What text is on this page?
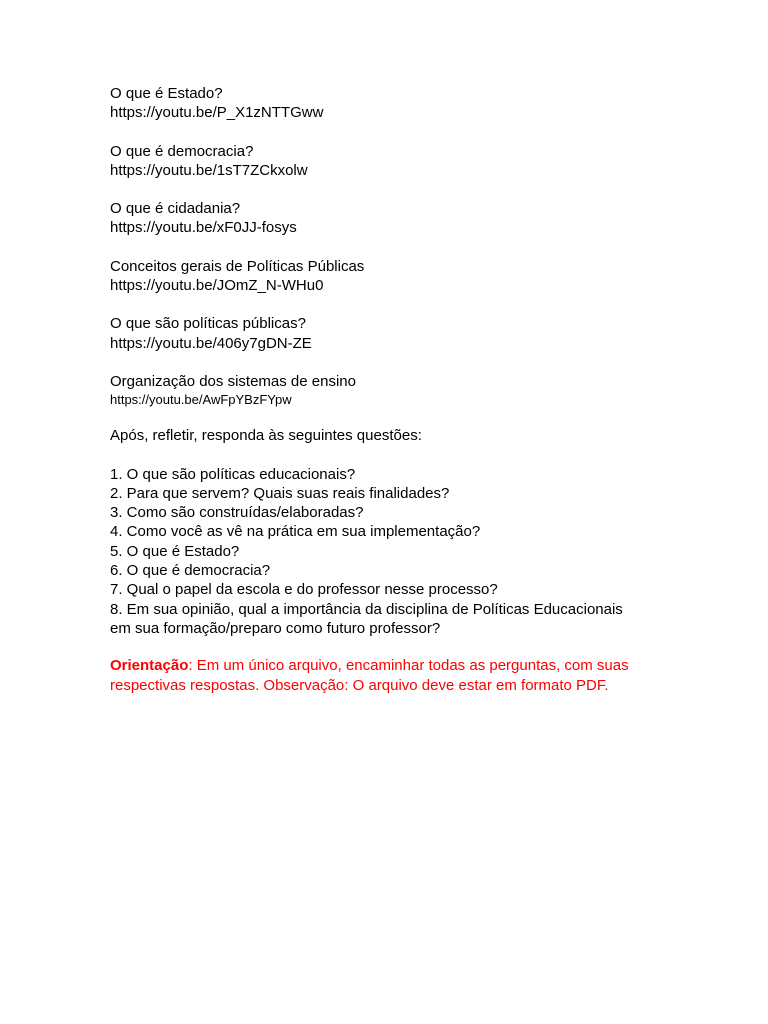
O que é Estado?
https://youtu.be/P_X1zNTTGww
O que é democracia?
https://youtu.be/1sT7ZCkxolw
O que é cidadania?
https://youtu.be/xF0JJ-fosys
Conceitos gerais de Políticas Públicas
https://youtu.be/JOmZ_N-WHu0
O que são políticas públicas?
https://youtu.be/406y7gDN-ZE
Organização dos sistemas de ensino
https://youtu.be/AwFpYBzFYpw
Após, refletir, responda às seguintes questões:
1. O que são políticas educacionais?
2. Para que servem? Quais suas reais finalidades?
3. Como são construídas/elaboradas?
4. Como você as vê na prática em sua implementação?
5. O que é Estado?
6. O que é democracia?
7. Qual o papel da escola e do professor nesse processo?
8. Em sua opinião, qual a importância da disciplina de Políticas Educacionais
em sua formação/preparo como futuro professor?
Orientação: Em um único arquivo, encaminhar todas as perguntas, com suas
respectivas respostas. Observação: O arquivo deve estar em formato PDF.
